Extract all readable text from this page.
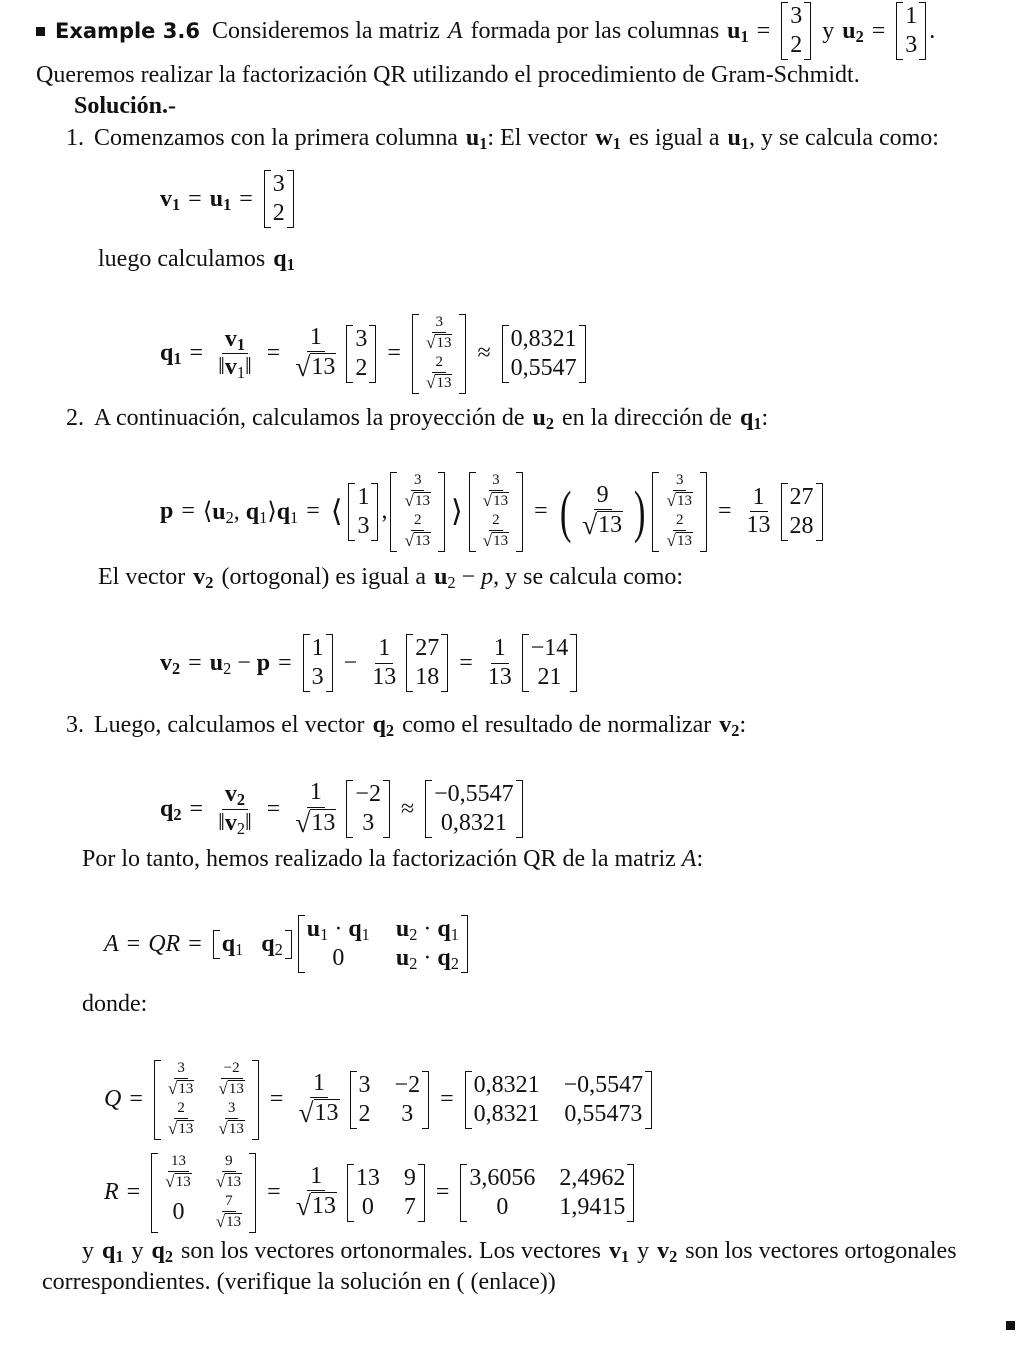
Example 3.6 Consideremos la matriz A formada por las columnas $u_1$ =
3
2
y $u_2$ =
1
3
.
Queremos realizar la factorización QR utilizando el procedimiento de Gram-Schmidt.
Solución.-
1. Comenzamos con la primera columna $u_1$ : El vector $w_1$ es igual a $u_1$ , y se calcula como:
$v_1 = u_1$ =
3
2
luego calculamos $q_1$
$q_1 = \frac{v_1}{‖v_1‖} = \frac{1}{√ 13} 3$
2
=
$\frac{3}{√ 13}$
$\frac{2}{√ 13}$
≈
0,8321
0,5547
2. A continuación, calculamos la proyección de $u_2$ en la dirección de $q_1$ :
$p = ⟨u_2$, $q_1⟩q_1$ = ⟨ 1
3
,
$\frac{3}{√ 13}$
$\frac{2}{√ 13}$
⟩
$\frac{3}{√ 13}$
$\frac{2}{√ 13}$
= ( $\frac{9}{√ 13}$ ) $\frac{3}{√ 13}$
$\frac{2}{√ 13}$
= $\frac{1}{13} 27$
28
El vector $v_2$ (ortogonal) es igual a $u_2 - p$ , y se calcula como:
$v_2 = u_2 - p$ =
1
3
− $\frac{1}{13} 27$
18
= $\frac{1}{13} -14$
21
3. Luego, calculamos el vector $q_2$ como el resultado de normalizar $v_2$ :
$q_2 = \frac{v_2}{‖v_2‖} = \frac{1}{√ 13} -2$
3
≈
−0,5547
0,8321
Por lo tanto, hemos realizado la factorización QR de la matriz A :
A = QR = $q_1$ $q_2$
$u_1 \cdot q_1$ $u_2 \cdot q_1$
0 $u_2 \cdot q_2$
donde:
Q =
$\frac{3}{√ 13} \frac{-2}{√ 13}$
$\frac{2}{√ 13} \frac{3}{√ 13}$
= $\frac{1}{√ 13} 3 -2$
2 3
=
0,8321 −0,5547
0,8321 0,55473
R =
$\frac{13}{√ 13} \frac{9}{√ 13}$
$0 \frac{7}{√ 13}$
= $\frac{1}{√ 13} 13$ 9
0 7
=
3,6056 2,4962
0 1,9415
y $q_1$ y $q_2$ son los vectores ortonormales. Los vectores $v_1$ y $v_2$ son los vectores ortogonales
correspondientes. (verifique la solución en ( (enlace))
